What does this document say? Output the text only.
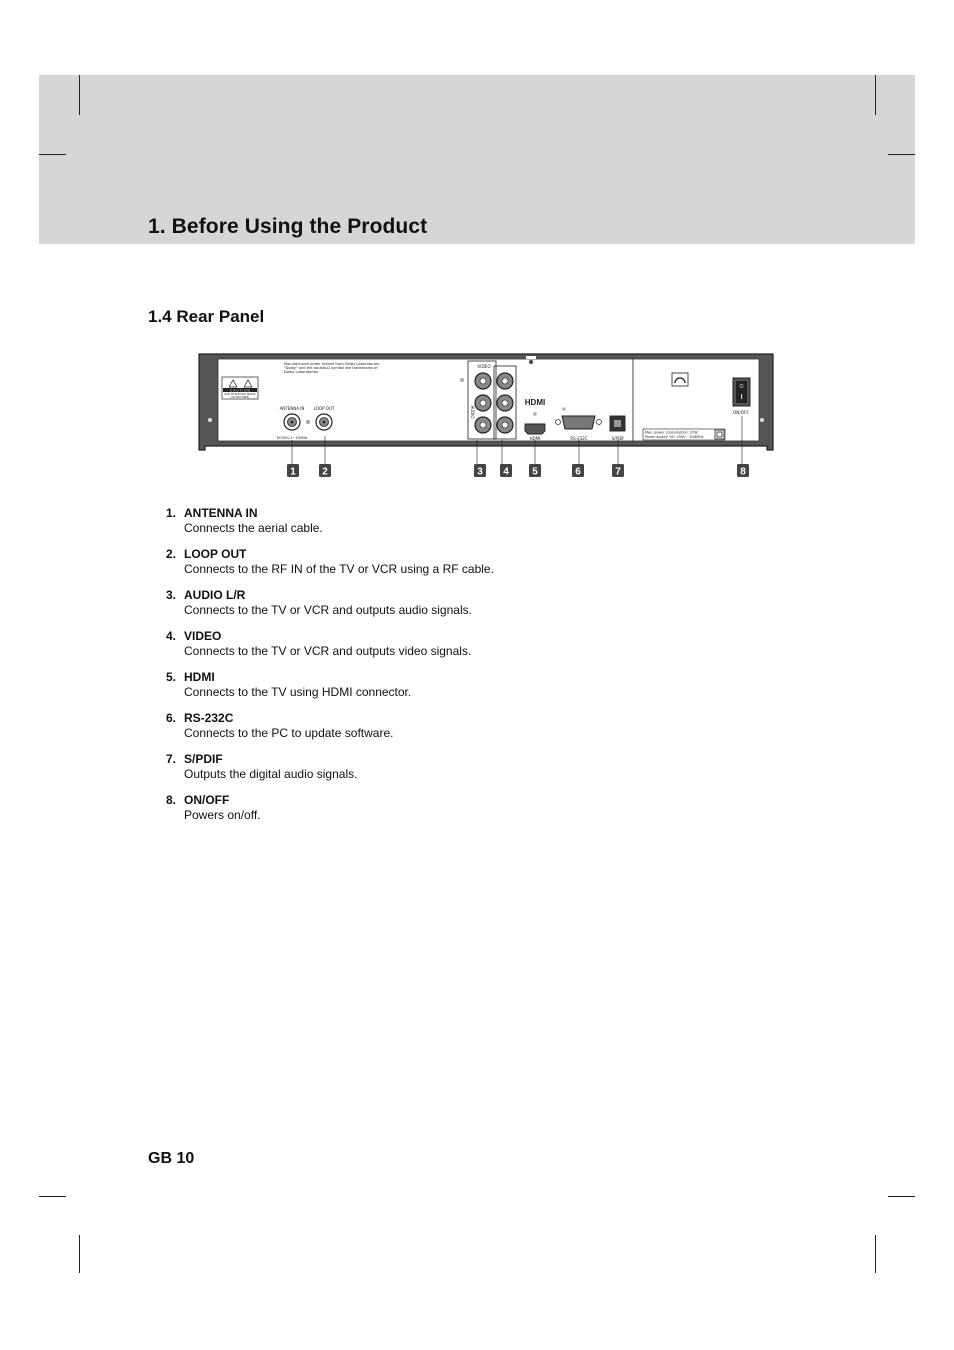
1. Before Using the Product
1.4 Rear Panel
Manufactured under license from Dolby Laboratories.
"Dolby" and the double-D symbol are trademarks of
Dolby Laboratories.
C A U T I O N
RISK OF ELECTRIC SHOCK
DO NOT OPEN
ANTENNA IN LOOP OUT
DC5V/0.1~100MA
VIDEO
AUDIO
HDMI
HDMI	RS-232C	S/PDIF
Max. power consumption: 37W
Power supply: 90~250V~ 50/60Hz
ON/OFF
1	2	3 4 5	6	7	8
1. ANTENNA IN
Connects the aerial cable.
2. LOOP OUT
Connects to the RF IN of the TV or VCR using a RF cable.
3. AUDIO L/R
Connects to the TV or VCR and outputs audio signals.
4. VIDEO
Connects to the TV or VCR and outputs video signals.
5. HDMI
Connects to the TV using HDMI connector.
6. RS-232C
Connects to the PC to update software.
7. S/PDIF
Outputs the digital audio signals.
8. ON/OFF
Powers on/off.
GB 10
